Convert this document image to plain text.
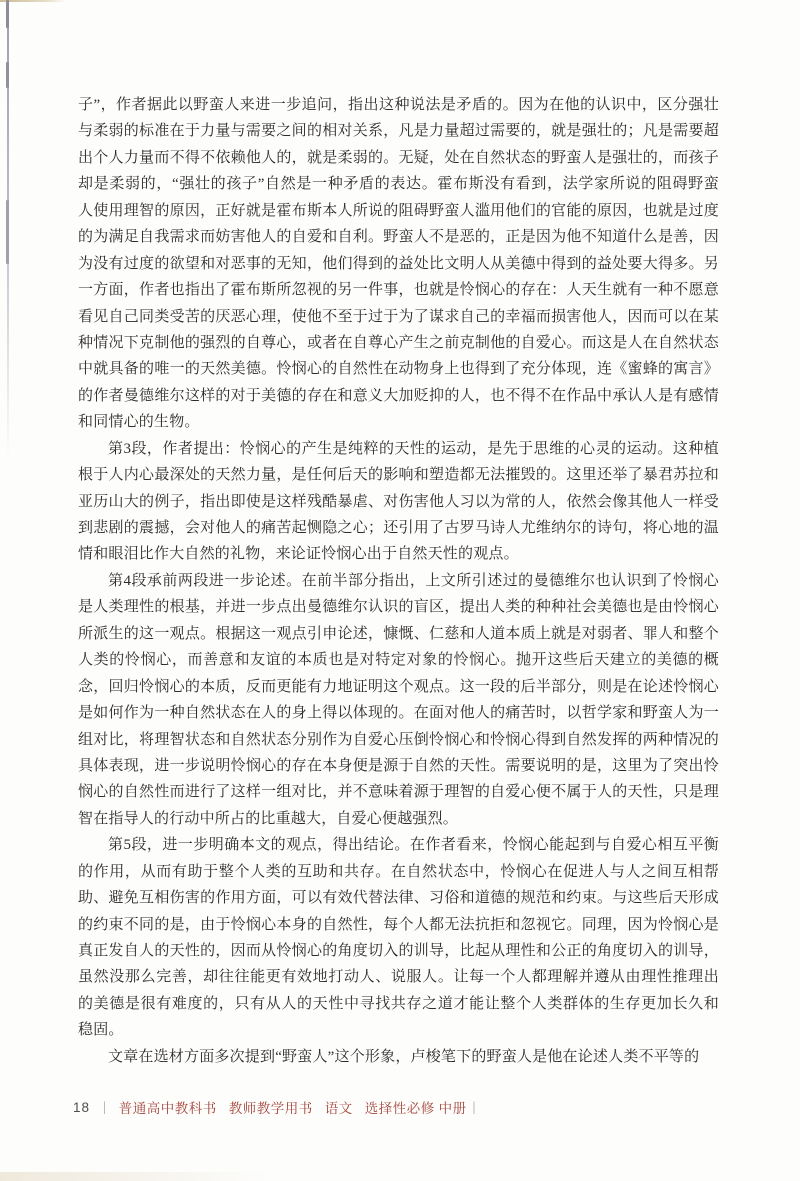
子”，作者据此以野蛮人来进一步追问，指出这种说法是矛盾的。因为在他的认识中，区分强壮
与柔弱的标准在于力量与需要之间的相对关系，凡是力量超过需要的，就是强壮的；凡是需要超
出个人力量而不得不依赖他人的，就是柔弱的。无疑，处在自然状态的野蛮人是强壮的，而孩子
却是柔弱的，“强壮的孩子”自然是一种矛盾的表达。霍布斯没有看到，法学家所说的阻碍野蛮
人使用理智的原因，正好就是霍布斯本人所说的阻碍野蛮人滥用他们的官能的原因，也就是过度
的为满足自我需求而妨害他人的自爱和自利。野蛮人不是恶的，正是因为他不知道什么是善，因
为没有过度的欲望和对恶事的无知，他们得到的益处比文明人从美德中得到的益处要大得多。另
一方面，作者也指出了霍布斯所忽视的另一件事，也就是怜悯心的存在：人天生就有一种不愿意
看见自己同类受苦的厌恶心理，使他不至于过于为了谋求自己的幸福而损害他人，因而可以在某
种情况下克制他的强烈的自尊心，或者在自尊心产生之前克制他的自爱心。而这是人在自然状态
中就具备的唯一的天然美德。怜悯心的自然性在动物身上也得到了充分体现，连《蜜蜂的寓言》
的作者曼德维尔这样的对于美德的存在和意义大加贬抑的人，也不得不在作品中承认人是有感情
和同情心的生物。
第3段，作者提出：怜悯心的产生是纯粹的天性的运动，是先于思维的心灵的运动。这种植
根于人内心最深处的天然力量，是任何后天的影响和塑造都无法摧毁的。这里还举了暴君苏拉和
亚历山大的例子，指出即使是这样残酷暴虐、对伤害他人习以为常的人，依然会像其他人一样受
到悲剧的震撼，会对他人的痛苦起恻隐之心；还引用了古罗马诗人尤维纳尔的诗句，将心地的温
情和眼泪比作大自然的礼物，来论证怜悯心出于自然天性的观点。
第4段承前两段进一步论述。在前半部分指出，上文所引述过的曼德维尔也认识到了怜悯心
是人类理性的根基，并进一步点出曼德维尔认识的盲区，提出人类的种种社会美德也是由怜悯心
所派生的这一观点。根据这一观点引申论述，慷慨、仁慈和人道本质上就是对弱者、罪人和整个
人类的怜悯心，而善意和友谊的本质也是对特定对象的怜悯心。抛开这些后天建立的美德的概
念，回归怜悯心的本质，反而更能有力地证明这个观点。这一段的后半部分，则是在论述怜悯心
是如何作为一种自然状态在人的身上得以体现的。在面对他人的痛苦时，以哲学家和野蛮人为一
组对比，将理智状态和自然状态分别作为自爱心压倒怜悯心和怜悯心得到自然发挥的两种情况的
具体表现，进一步说明怜悯心的存在本身便是源于自然的天性。需要说明的是，这里为了突出怜
悯心的自然性而进行了这样一组对比，并不意味着源于理智的自爱心便不属于人的天性，只是理
智在指导人的行动中所占的比重越大，自爱心便越强烈。
第5段，进一步明确本文的观点，得出结论。在作者看来，怜悯心能起到与自爱心相互平衡
的作用，从而有助于整个人类的互助和共存。在自然状态中，怜悯心在促进人与人之间互相帮
助、避免互相伤害的作用方面，可以有效代替法律、习俗和道德的规范和约束。与这些后天形成
的约束不同的是，由于怜悯心本身的自然性，每个人都无法抗拒和忽视它。同理，因为怜悯心是
真正发自人的天性的，因而从怜悯心的角度切入的训导，比起从理性和公正的角度切入的训导，
虽然没那么完善，却往往能更有效地打动人、说服人。让每一个人都理解并遵从由理性推理出
的美德是很有难度的，只有从人的天性中寻找共存之道才能让整个人类群体的生存更加长久和
稳固。
文章在选材方面多次提到“野蛮人”这个形象，卢梭笔下的野蛮人是他在论述人类不平等的
18 | 普通高中教科书 教师教学用书 语文 选择性必修 中册 |
